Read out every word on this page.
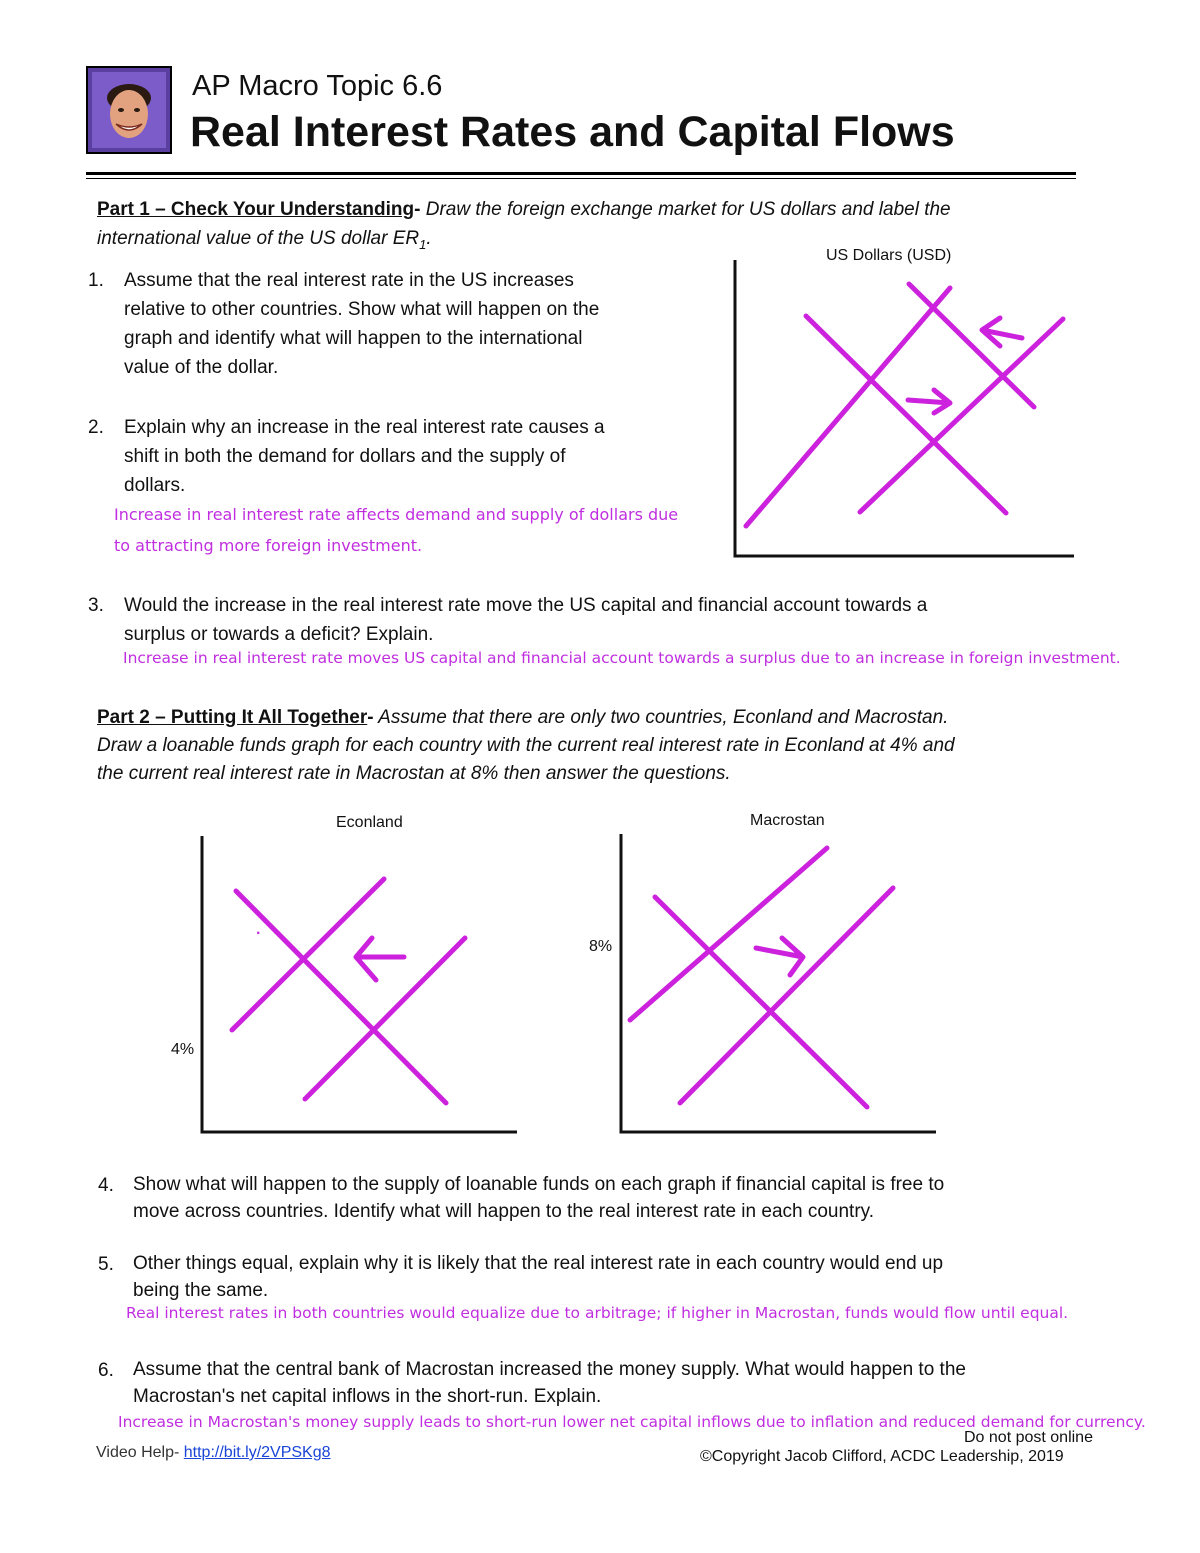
AP Macro Topic 6.6
Real Interest Rates and Capital Flows
Part 1 – Check Your Understanding- Draw the foreign exchange market for US dollars and label the
international value of the US dollar $ER_1$.
1. Assume that the real interest rate in the US increases
relative to other countries. Show what will happen on the
graph and identify what will happen to the international
value of the dollar.
2. Explain why an increase in the real interest rate causes a
shift in both the demand for dollars and the supply of
dollars.
Increase in real interest rate affects demand and supply of dollars due
to attracting more foreign investment.
3. Would the increase in the real interest rate move the US capital and financial account towards a
surplus or towards a deficit? Explain.
Increase in real interest rate moves US capital and financial account towards a surplus due to an increase in foreign investment.
Part 2 – Putting It All Together- Assume that there are only two countries, Econland and Macrostan.
Draw a loanable funds graph for each country with the current real interest rate in Econland at 4% and
the current real interest rate in Macrostan at 8% then answer the questions.
US Dollars (USD)
Econland
4%
·
Macrostan
8%
4. Show what will happen to the supply of loanable funds on each graph if financial capital is free to
move across countries. Identify what will happen to the real interest rate in each country.
5. Other things equal, explain why it is likely that the real interest rate in each country would end up
being the same.
Real interest rates in both countries would equalize due to arbitrage; if higher in Macrostan, funds would flow until equal.
6. Assume that the central bank of Macrostan increased the money supply. What would happen to the
Macrostan's net capital inflows in the short-run. Explain.
Increase in Macrostan's money supply leads to short-run lower net capital inflows due to inflation and reduced demand for currency.
Video Help- http://bit.ly/2VPSKg8
Do not post online
©Copyright Jacob Clifford, ACDC Leadership, 2019
